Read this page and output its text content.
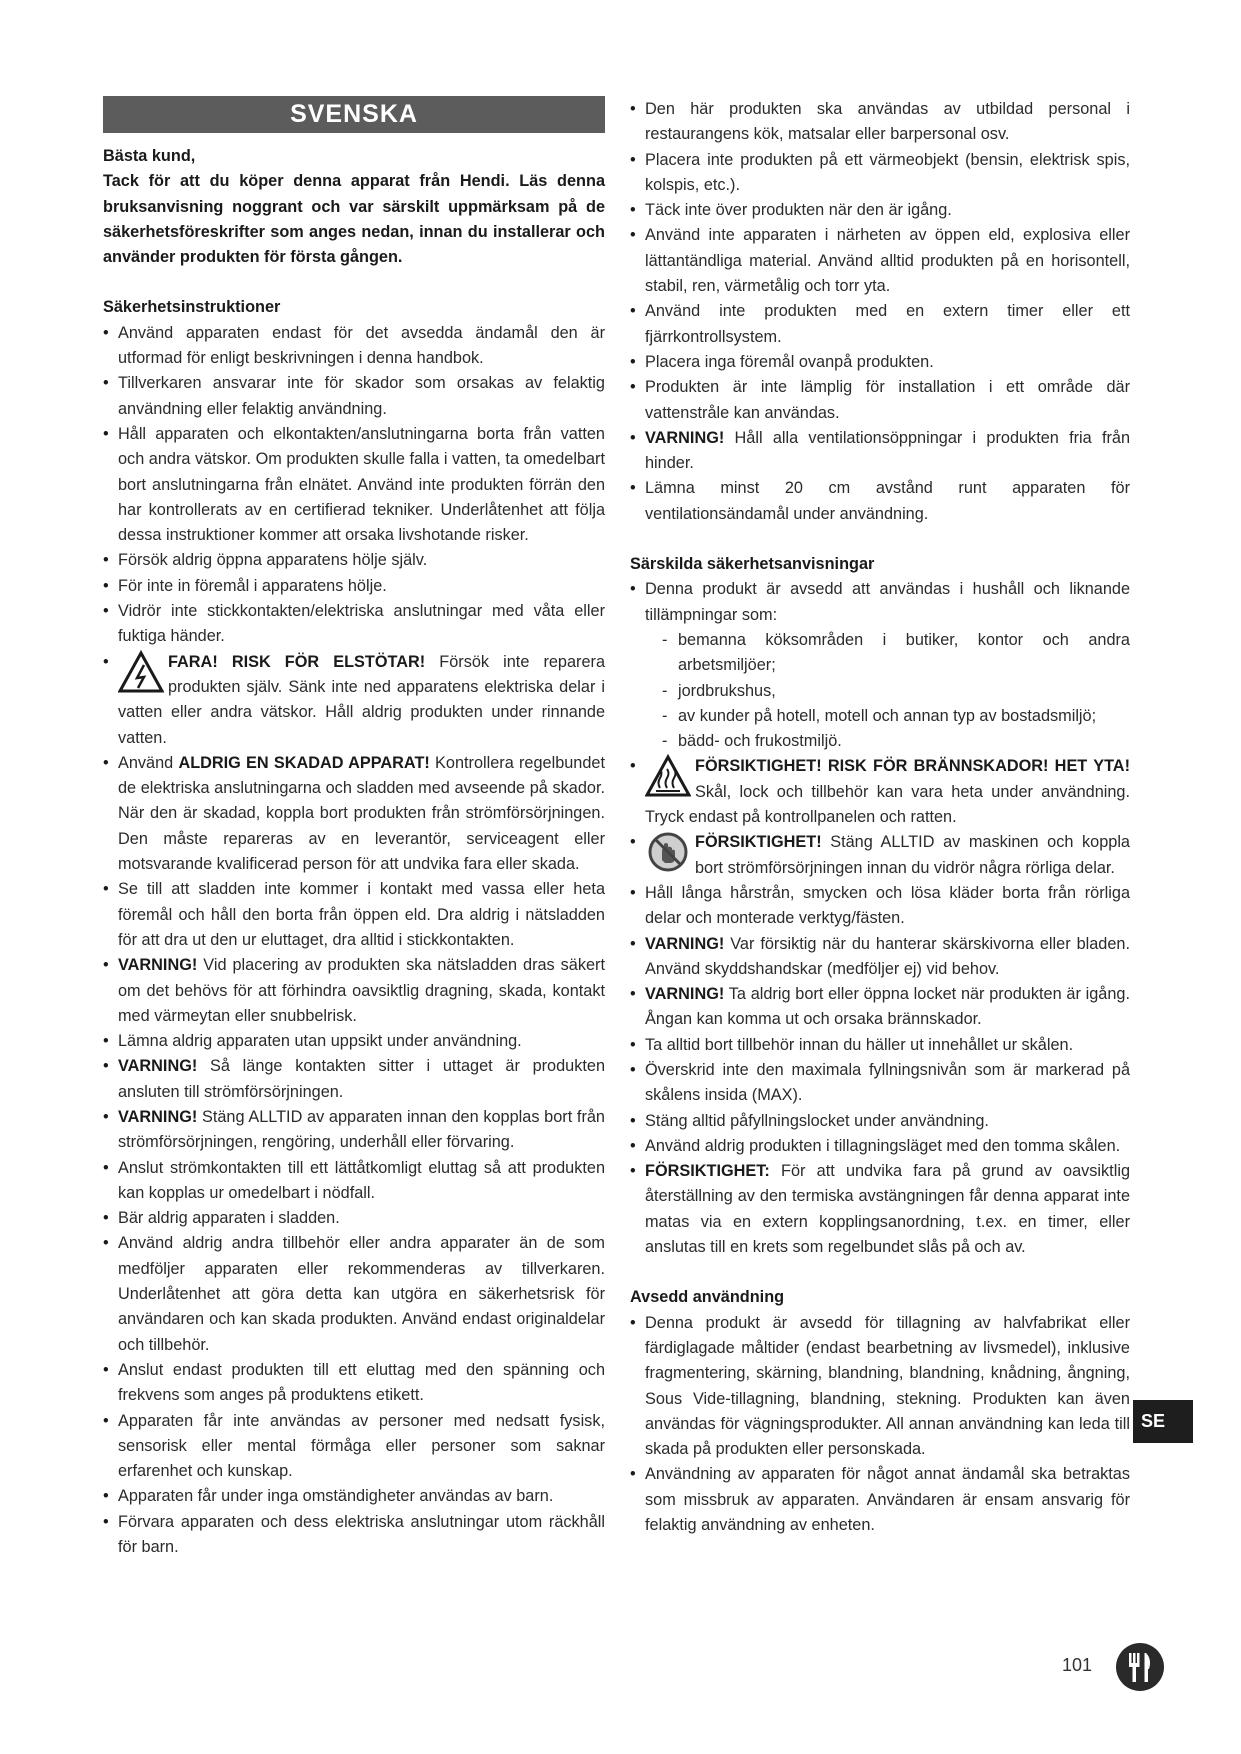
SVENSKA

Bästa kund,

Tack för att du köper denna apparat från Hendi. Läs denna bruksanvisning noggrant och var särskilt uppmärksam på de säkerhetsföreskrifter som anges nedan, innan du installerar och använder produkten för första gången.

Säkerhetsinstruktioner

• Använd apparaten endast för det avsedda ändamål den är utformad för enligt beskrivningen i denna handbok.
• Tillverkaren ansvarar inte för skador som orsakas av felaktig användning eller felaktig användning.
• Håll apparaten och elkontakten/anslutningarna borta från vatten och andra vätskor. Om produkten skulle falla i vatten, ta omedelbart bort anslutningarna från elnätet. Använd inte produkten förrän den har kontrollerats av en certifierad tekniker. Underlåtenhet att följa dessa instruktioner kommer att orsaka livshotande risker.
• Försök aldrig öppna apparatens hölje själv.
• För inte in föremål i apparatens hölje.
• Vidrör inte stickkontakten/elektriska anslutningar med våta eller fuktiga händer.
• FARA! RISK FÖR ELSTÖTAR! Försök inte reparera produkten själv. Sänk inte ned apparatens elektriska delar i vatten eller andra vätskor. Håll aldrig produkten under rinnande vatten.
• Använd ALDRIG EN SKADAD APPARAT! Kontrollera regelbundet de elektriska anslutningarna och sladden med avseende på skador. När den är skadad, koppla bort produkten från strömförsörjningen. Den måste repareras av en leverantör, serviceagent eller motsvarande kvalificerad person för att undvika fara eller skada.
• Se till att sladden inte kommer i kontakt med vassa eller heta föremål och håll den borta från öppen eld. Dra aldrig i nätsladden för att dra ut den ur eluttaget, dra alltid i stickkontakten.
• VARNING! Vid placering av produkten ska nätsladden dras säkert om det behövs för att förhindra oavsiktlig dragning, skada, kontakt med värmeytan eller snubbelrisk.
• Lämna aldrig apparaten utan uppsikt under användning.
• VARNING! Så länge kontakten sitter i uttaget är produkten ansluten till strömförsörjningen.
• VARNING! Stäng ALLTID av apparaten innan den kopplas bort från strömförsörjningen, rengöring, underhåll eller förvaring.
• Anslut strömkontakten till ett lättåtkomligt eluttag så att produkten kan kopplas ur omedelbart i nödfall.
• Bär aldrig apparaten i sladden.
• Använd aldrig andra tillbehör eller andra apparater än de som medföljer apparaten eller rekommenderas av tillverkaren. Underlåtenhet att göra detta kan utgöra en säkerhetsrisk för användaren och kan skada produkten. Använd endast originaldelar och tillbehör.
• Anslut endast produkten till ett eluttag med den spänning och frekvens som anges på produktens etikett.
• Apparaten får inte användas av personer med nedsatt fysisk, sensorisk eller mental förmåga eller personer som saknar erfarenhet och kunskap.
• Apparaten får under inga omständigheter användas av barn.
• Förvara apparaten och dess elektriska anslutningar utom räckhåll för barn.
• Den här produkten ska användas av utbildad personal i restaurangens kök, matsalar eller barpersonal osv.
• Placera inte produkten på ett värmeobjekt (bensin, elektrisk spis, kolspis, etc.).
• Täck inte över produkten när den är igång.
• Använd inte apparaten i närheten av öppen eld, explosiva eller lättantändliga material. Använd alltid produkten på en horisontell, stabil, ren, värmetålig och torr yta.
• Använd inte produkten med en extern timer eller ett fjärrkontrollsystem.
• Placera inga föremål ovanpå produkten.
• Produkten är inte lämplig för installation i ett område där vattenstråle kan användas.
• VARNING! Håll alla ventilationsöppningar i produkten fria från hinder.
• Lämna minst 20 cm avstånd runt apparaten för ventilationsändamål under användning.

Särskilda säkerhetsanvisningar

• Denna produkt är avsedd att användas i hushåll och liknande tillämpningar som:
- bemanna köksområden i butiker, kontor och andra arbetsmiljöer;
- jordbrukshus,
- av kunder på hotell, motell och annan typ av bostadsmiljö;
- bädd- och frukostmiljö.
• FÖRSIKTIGHET! RISK FÖR BRÄNNSKADOR! HET YTA! Skål, lock och tillbehör kan vara heta under användning. Tryck endast på kontrollpanelen och ratten.
• FÖRSIKTIGHET! Stäng ALLTID av maskinen och koppla bort strömförsörjningen innan du vidrör några rörliga delar.
• Håll långa hårstrån, smycken och lösa kläder borta från rörliga delar och monterade verktyg/fästen.
• VARNING! Var försiktig när du hanterar skärskivorna eller bladen. Använd skyddshandskar (medföljer ej) vid behov.
• VARNING! Ta aldrig bort eller öppna locket när produkten är igång. Ångan kan komma ut och orsaka brännskador.
• Ta alltid bort tillbehör innan du häller ut innehållet ur skålen.
• Överskrid inte den maximala fyllningsnivån som är markerad på skålens insida (MAX).
• Stäng alltid påfyllningslocket under användning.
• Använd aldrig produkten i tillagningsläget med den tomma skålen.
• FÖRSIKTIGHET: För att undvika fara på grund av oavsiktlig återställning av den termiska avstängningen får denna apparat inte matas via en extern kopplingsanordning, t.ex. en timer, eller anslutas till en krets som regelbundet slås på och av.

Avsedd användning

• Denna produkt är avsedd för tillagning av halvfabrikat eller färdiglagade måltider (endast bearbetning av livsmedel), inklusive fragmentering, skärning, blandning, blandning, knådning, ångning, Sous Vide-tillagning, blandning, stekning. Produkten kan även användas för vägningsprodukter. All annan användning kan leda till skada på produkten eller personskada.
• Användning av apparaten för något annat ändamål ska betraktas som missbruk av apparaten. Användaren är ensam ansvarig för felaktig användning av enheten.
SE
101
